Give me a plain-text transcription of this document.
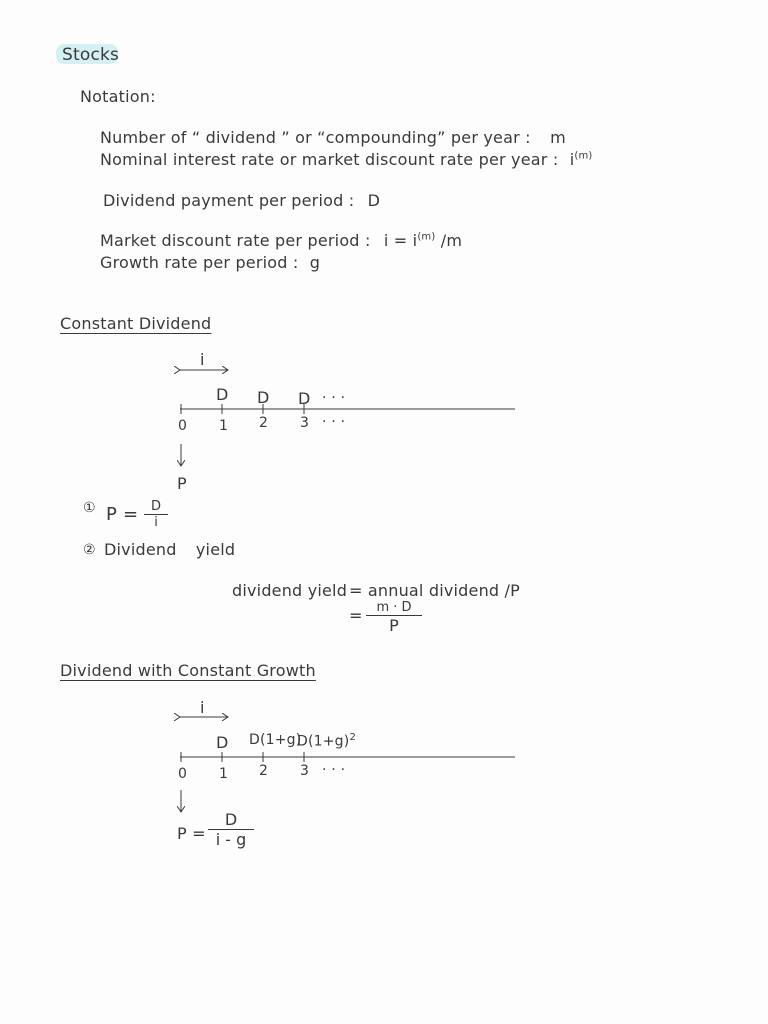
Stocks
Notation:
Number of “ dividend ” or “compounding” per year : m
Nominal interest rate or market discount rate per year : $i^{(m)}$
Dividend payment per period : D
Market discount rate per period : $i = i^{(m)}$ /m
Growth rate per period : g
Constant Dividend
i
D D D · · ·
0 1 2 3 · · ·
P
① P = D
i
② Dividend yield
dividend yield = annual dividend /P
=	m · D
P
Dividend with Constant Growth
i
D D(1+g)
$D(1+g)^2$
0 1 2 3 · · ·
P =
D
i - g
